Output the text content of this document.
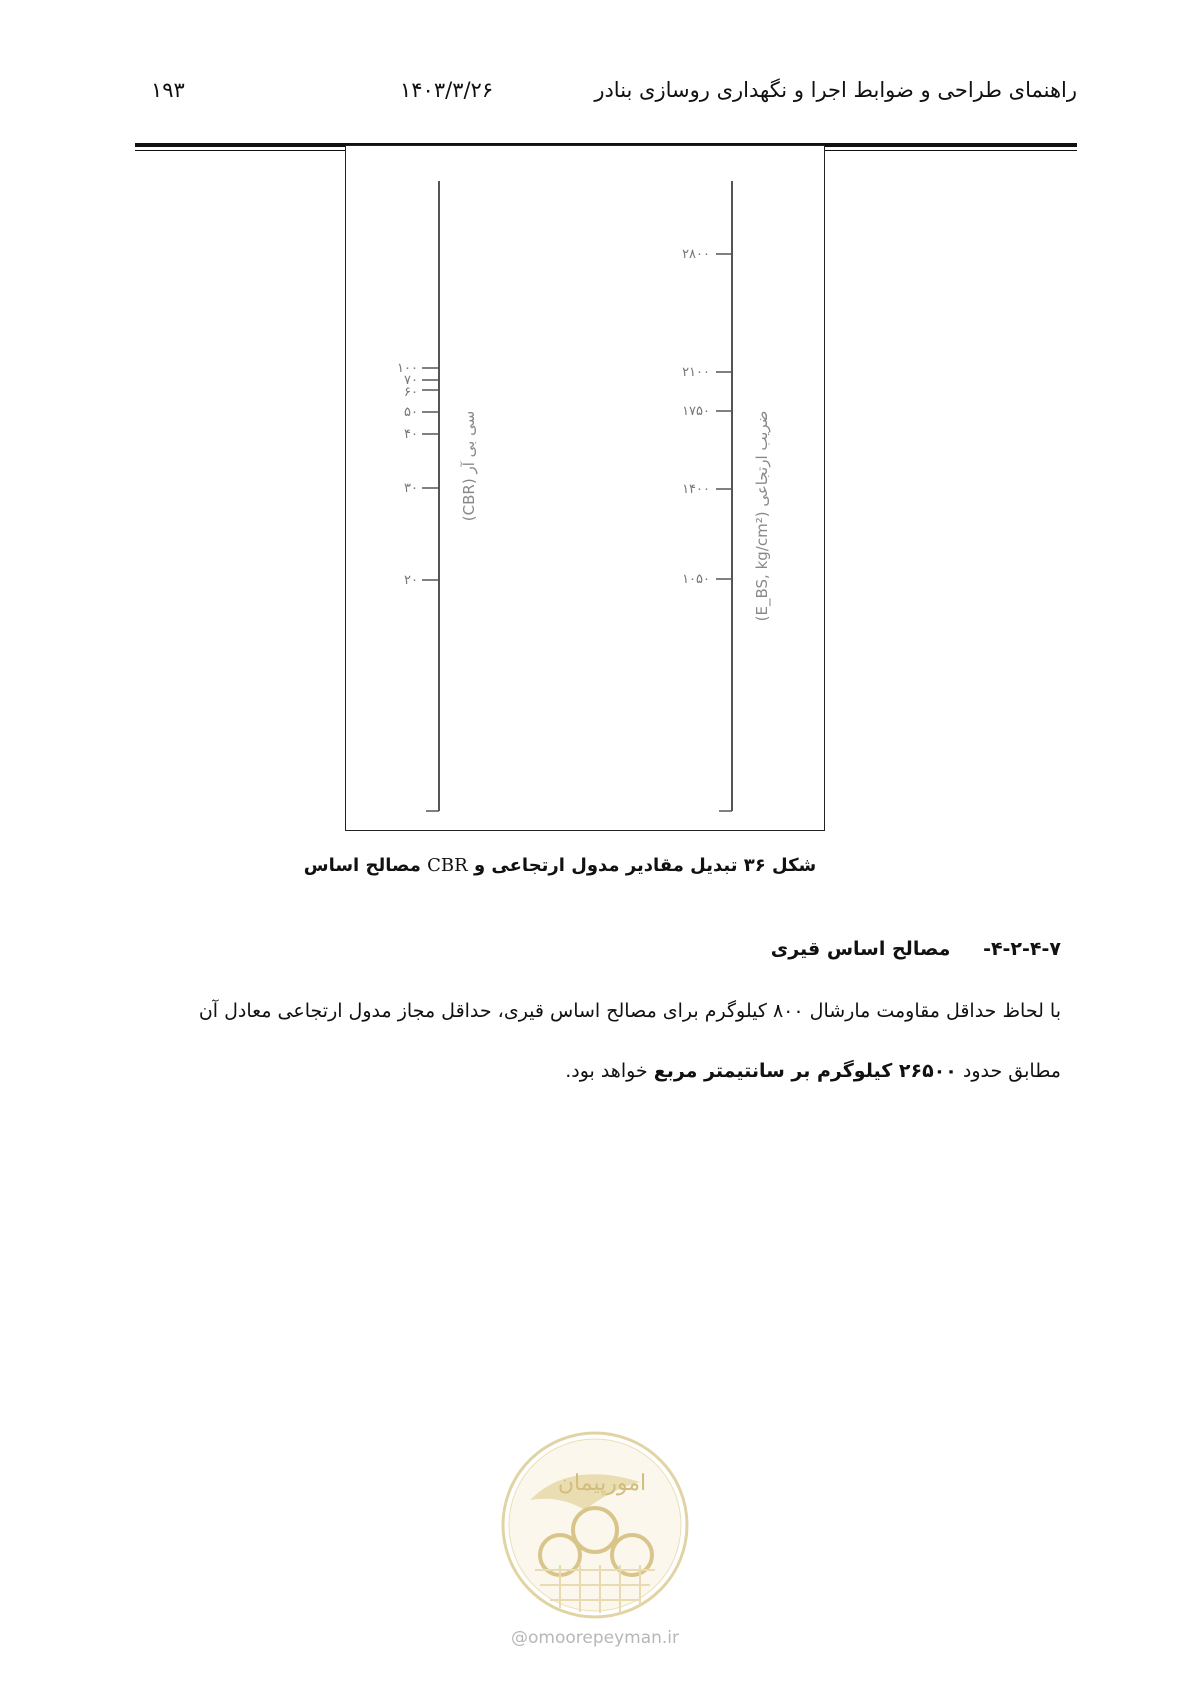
راهنمای طراحی و ضوابط اجرا و نگهداری روسازی بنادر
۱۴۰۳/۳/۲۶
۱۹۳
۱۰۰
۷۰
۶۰
۵۰
۴۰
۳۰
۲۰
۲۸۰۰
۲۱۰۰
۱۷۵۰
۱۴۰۰
۱۰۵۰
سی بی آر (CBR)
ضریب ارتجاعی (E_BS, kg/cm²)
شکل ۳۶ تبدیل مقادیر مدول ارتجاعی و CBR مصالح اساس
۴-۲-۴-۷- مصالح اساس قیری
با لحاظ حداقل مقاومت مارشال ۸۰۰ کیلوگرم برای مصالح اساس قیری، حداقل مجاز مدول ارتجاعی معادل آن
مطابق حدود ۲۶۵۰۰ کیلوگرم بر سانتیمتر مربع خواهد بود.
امورپیمان
@omoorepeyman.ir
